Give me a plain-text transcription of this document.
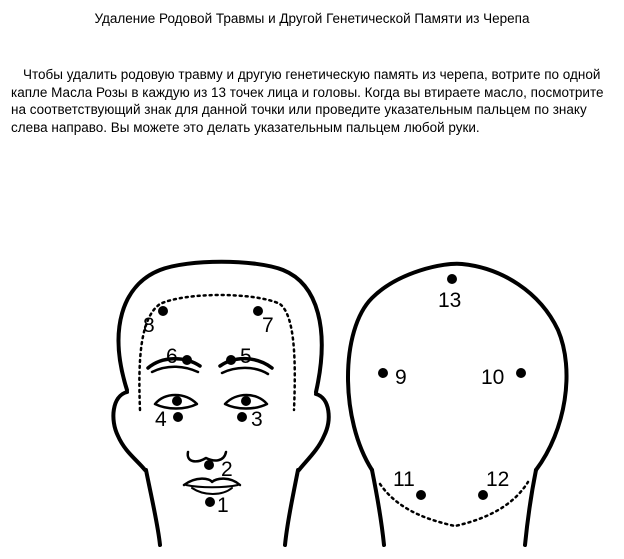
Удаление Родовой Травмы и Другой Генетической Памяти из Черепа

Чтобы удалить родовую травму и другую генетическую память из черепа, вотрите по одной капле Масла Розы в каждую из 13 точек лица и головы. Когда вы втираете масло, посмотрите на соответствующий знак для данной точки или проведите указательным пальцем по знаку слева направо. Вы можете это делать указательным пальцем любой руки.

1
2
3
4
5
6
7
8
9	10
11	12
13
